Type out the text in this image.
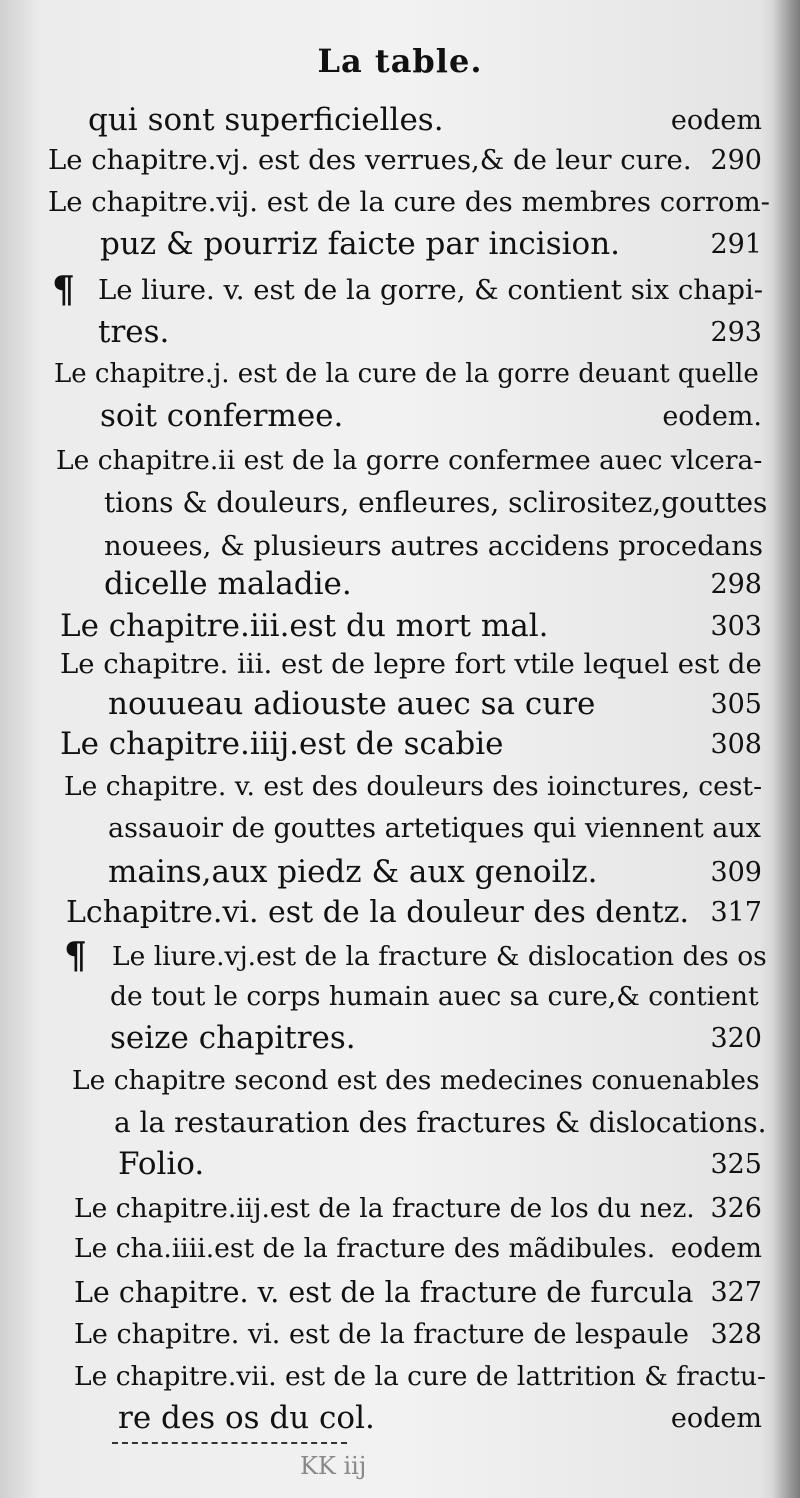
La table.
qui sont superficielles.	eodem
Le chapitre.vj. est des verrues,& de leur cure. 290
Le chapitre.vij. est de la cure des membres corrom-
puz & pourriz faicte par incision.	291
¶ Le liure. v. est de la gorre, & contient six chapi-
tres.	293
Le chapitre.j. est de la cure de la gorre deuant quelle
soit confermee.	eodem.
Le chapitre.ii est de la gorre confermee auec vlcera-
tions & douleurs, enfleures, sclirositez,gouttes
nouees, & plusieurs autres accidens procedans
dicelle maladie.	298
Le chapitre.iii.est du mort mal.	303
Le chapitre. iii. est de lepre fort vtile lequel est de
nouueau adiouste auec sa cure	305
Le chapitre.iiij.est de scabie	308
Le chapitre. v. est des douleurs des ioinctures, cest-
assauoir de gouttes artetiques qui viennent aux
mains,aux piedz & aux genoilz.	309
Lchapitre.vi. est de la douleur des dentz. 317
¶ Le liure.vj.est de la fracture & dislocation des os
de tout le corps humain auec sa cure,& contient
seize chapitres.	320
Le chapitre second est des medecines conuenables
a la restauration des fractures & dislocations.
Folio.	325
Le chapitre.iij.est de la fracture de los du nez. 326
Le cha.iiii.est de la fracture des mãdibules. eodem
Le chapitre. v. est de la fracture de furcula 327
Le chapitre. vi. est de la fracture de lespaule 328
Le chapitre.vii. est de la cure de lattrition & fractu-
re des os du col.	eodem
KK iij
